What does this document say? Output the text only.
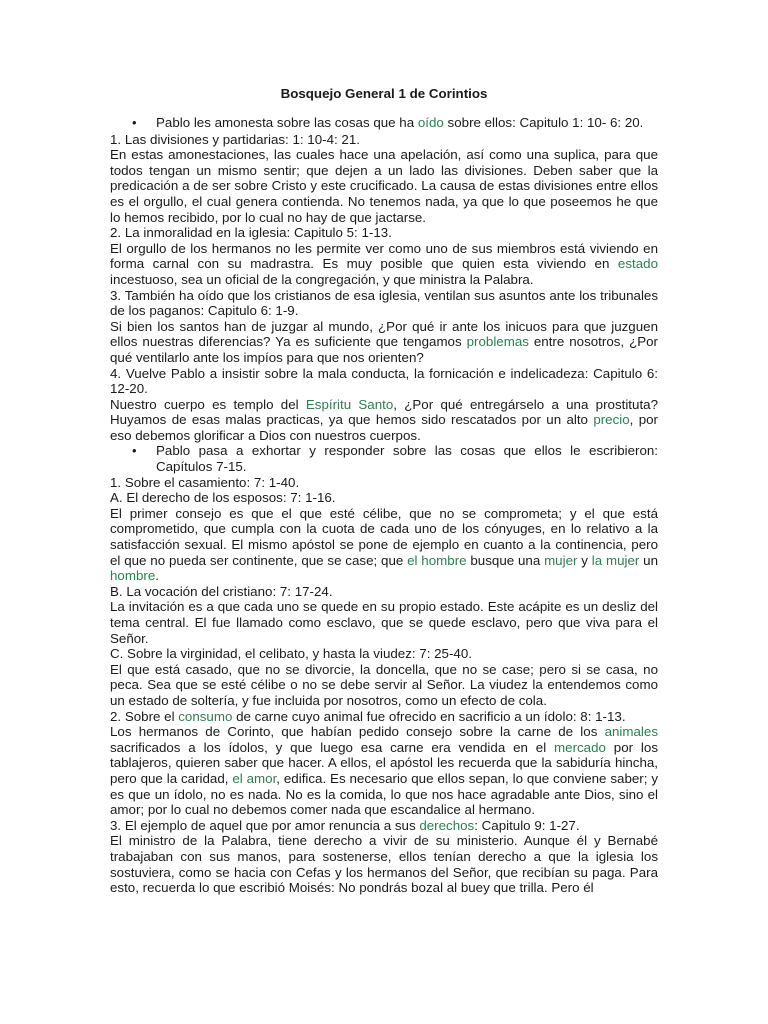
Bosquejo General 1 de Corintios
• Pablo les amonesta sobre las cosas que ha oído sobre ellos: Capitulo 1: 10- 6: 20.

1. Las divisiones y partidarias: 1: 10-4: 21.

En estas amonestaciones, las cuales hace una apelación, así como una suplica, para que todos tengan un mismo sentir; que dejen a un lado las divisiones. Deben saber que la predicación a de ser sobre Cristo y este crucificado. La causa de estas divisiones entre ellos es el orgullo, el cual genera contienda. No tenemos nada, ya que lo que poseemos he que lo hemos recibido, por lo cual no hay de que jactarse.

2. La inmoralidad en la iglesia: Capitulo 5: 1-13.

El orgullo de los hermanos no les permite ver como uno de sus miembros está viviendo en forma carnal con su madrastra. Es muy posible que quien esta viviendo en estado incestuoso, sea un oficial de la congregación, y que ministra la Palabra.

3. También ha oído que los cristianos de esa iglesia, ventilan sus asuntos ante los tribunales de los paganos: Capitulo 6: 1-9.

Si bien los santos han de juzgar al mundo, ¿Por qué ir ante los inicuos para que juzguen ellos nuestras diferencias? Ya es suficiente que tengamos problemas entre nosotros, ¿Por qué ventilarlo ante los impíos para que nos orienten?

4. Vuelve Pablo a insistir sobre la mala conducta, la fornicación e indelicadeza: Capitulo 6: 12-20.

Nuestro cuerpo es templo del Espíritu Santo, ¿Por qué entregárselo a una prostituta? Huyamos de esas malas practicas, ya que hemos sido rescatados por un alto precio, por eso debemos glorificar a Dios con nuestros cuerpos.

• Pablo pasa a exhortar y responder sobre las cosas que ellos le escribieron: Capítulos 7-15.

1. Sobre el casamiento: 7: 1-40.

A. El derecho de los esposos: 7: 1-16.

El primer consejo es que el que esté célibe, que no se comprometa; y el que está comprometido, que cumpla con la cuota de cada uno de los cónyuges, en lo relativo a la satisfacción sexual. El mismo apóstol se pone de ejemplo en cuanto a la continencia, pero el que no pueda ser continente, que se case; que el hombre busque una mujer y la mujer un hombre.

B. La vocación del cristiano: 7: 17-24.

La invitación es a que cada uno se quede en su propio estado. Este acápite es un desliz del tema central. El fue llamado como esclavo, que se quede esclavo, pero que viva para el Señor.

C. Sobre la virginidad, el celibato, y hasta la viudez: 7: 25-40.

El que está casado, que no se divorcie, la doncella, que no se case; pero si se casa, no peca. Sea que se esté célibe o no se debe servir al Señor. La viudez la entendemos como un estado de soltería, y fue incluida por nosotros, como un efecto de cola.

2. Sobre el consumo de carne cuyo animal fue ofrecido en sacrificio a un ídolo: 8: 1-13.

Los hermanos de Corinto, que habían pedido consejo sobre la carne de los animales sacrificados a los ídolos, y que luego esa carne era vendida en el mercado por los tablajeros, quieren saber que hacer. A ellos, el apóstol les recuerda que la sabiduría hincha, pero que la caridad, el amor, edifica. Es necesario que ellos sepan, lo que conviene saber; y es que un ídolo, no es nada. No es la comida, lo que nos hace agradable ante Dios, sino el amor; por lo cual no debemos comer nada que escandalice al hermano.

3. El ejemplo de aquel que por amor renuncia a sus derechos: Capitulo 9: 1-27.

El ministro de la Palabra, tiene derecho a vivir de su ministerio. Aunque él y Bernabé trabajaban con sus manos, para sostenerse, ellos tenían derecho a que la iglesia los sostuviera, como se hacia con Cefas y los hermanos del Señor, que recibían su paga. Para esto, recuerda lo que escribió Moisés: No pondrás bozal al buey que trilla. Pero él
